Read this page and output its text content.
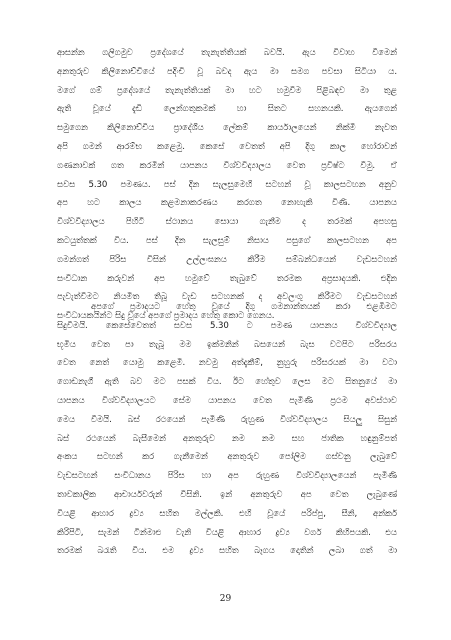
ආසන්න ගලිගමුව ප්‍රදේශයේ තැනැත්තියක් බවයි. ඇය විවාහ වීමෙන්
අනතුරුව කිලිනොච්චියේ පදිංචි වූ බවද ඇය මා සමග පවසා සිටියා ය.
මගේ ගම් ප්‍රදේශයේ තැනැත්තියක් මා හට හමුවීම පිළිබඳව මා තුළ
ඇති වූයේ දැඩි ලෙන්ගතුකමක් හා සිතට සහනයකි. ඇයගෙන්
සමුගෙන කිලිනොච්චිය ප්‍රාදේශීය ලේකම් කාර්යාලයෙන් නික්මී නැවත
අපි ගමන් ආරම්භ කළෙමු. කෙසේ වෙතත් අපි දිගු කාල හෝරාවන්
ගණනාවක් ගත කරමින් යාපනය විශ්වවිද්‍යාලය වෙත ප්‍රවිෂ්ට වීමු. ඒ
සවස 5.30 පමණය. පස් දින සැලසුමෙහි සටහන් වූ කාලසටහන අනුව
අප හට කාලය කළමනාකරණය කරගත නොහැකි විණි. යාපනය
විශ්වවිද්‍යාලය පිහිටි ස්ථානය සොයා ගැනීම ද තරමක් අපහසු
කටයුත්තක් විය. පස් දින සැලසුම් නිසාය පසුගේ කාලසටහන අප
ගමන්ගත් පිරිස විසින් උල්ලංඝනය කිරීම සම්බන්ධයෙන් වැඩසටහන්
සංවිධාන කරුවන් අප හමුවේ තැබුවේ තරමක අප්‍රසාදයකි. එදින
පැවැත්වීමට නියමිත තිබූ වැඩ සටහනක් ද අවලංගු කිරීමට වැඩසටහන්
සංවිධායකයින්ට සිදු වූයේ අපගේ ප්‍රමාදය හේතු කොට ගෙනය.
අපගේ ප්‍රමාදයට හේතු වූයේ දිගු ගමනාන්තයක් කරා එළඹීමට
සිදුවීමයි. කෙසේවෙතත් සවස 5.30 ට පමණ යාපනය විශ්වවිද්‍යාල
භූමිය වෙත පා තැබූ මම ඉක්මනින් බසයෙන් බැස වටපිට පරිසරය
වෙත නෙත් යොමු කළෙමි. නවමු අත්දැකීම්, නුහුරු පරිසරයක් මා වටා
ගොඩනැගී ඇති බව මට පසක් විය. ඊට හේතුව ලෙස මට සිතනුයේ මා
යාපනය විශ්වවිද්‍යාලයට සේම යාපනය වෙත පැමිණි ප්‍රථම අවස්ථාව
මෙය වීමයි. බස් රථයෙන් පැමිණි රුහුණ විශ්වවිද්‍යාලය සියලු සිසුන්
බස් රථයෙන් බැසීමෙන් අනතුරුව නම නම සහ ජාතික හඳුනුම්පත්
අංකය සටහන් කර ගැනීමෙන් අනතුරුව පෝලිම ගස්වනු ලැබුවේ
වැඩසටහන් සංවිධානය පිරිස හා අප රුහුණ විශ්වවිද්‍යාලයෙන් පැමිණි
තාවකාලික ආචාර්යවරුන් විසිනි. ඉන් අනතුරුව අප වෙත ලැබුණේ
වියළි ආහාර ද්‍රව්‍ය සහිත මල්ලකි. එහි වූයේ පරිප්පු, සීනි, අන්කර්
කිරිපිටි, සැමන් ටින්මාළු වැනි වියළි ආහාර ද්‍රව්‍ය වර්ග කිහිපයකි. එය
තරමක් බරැති විය. එම ද්‍රව්‍ය සහිත බෑගය දොතින් ලබා ගත් මා
29
